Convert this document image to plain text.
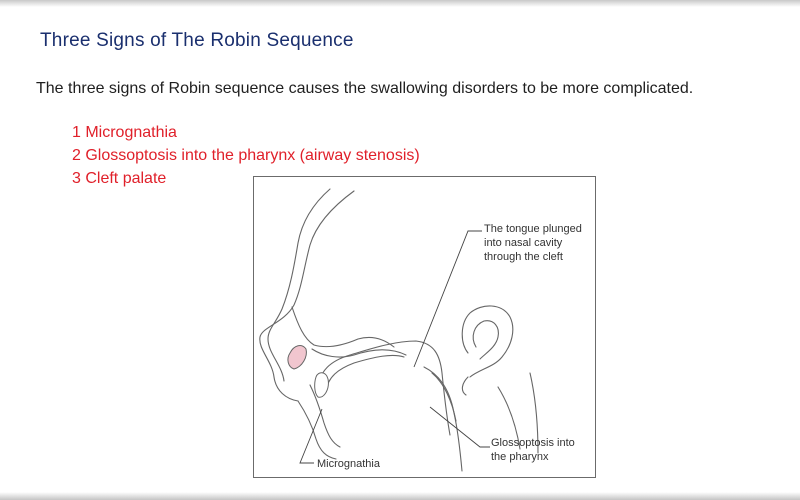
Three Signs of The Robin Sequence
The three signs of Robin sequence causes the swallowing disorders to be more complicated.
1 Micrognathia
2 Glossoptosis into the pharynx (airway stenosis)
3 Cleft palate
The tongue plunged into nasal cavity through the cleft
Glossoptosis into the pharynx
Micrognathia
